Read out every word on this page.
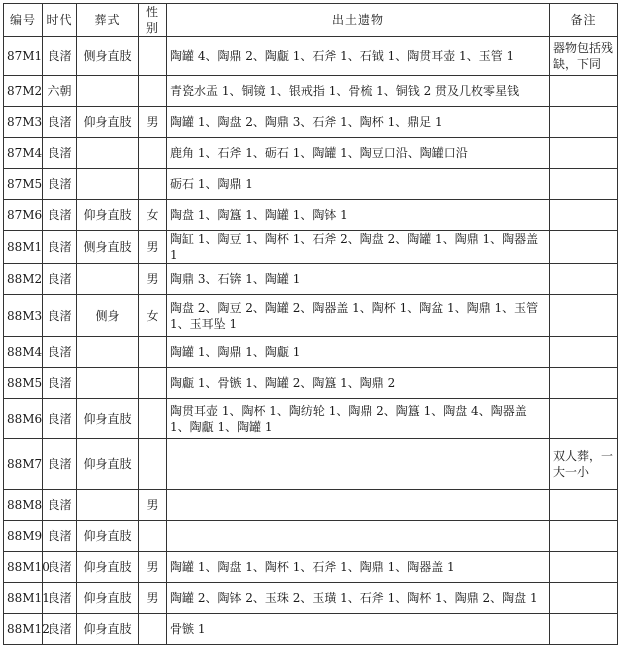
编号	时代	葬式	性别	出土遗物	备注
87M1	良渚	侧身直肢		陶罐 4、陶鼎 2、陶甗 1、石斧 1、石钺 1、陶贯耳壶 1、玉管 1	器物包括残缺，下同
87M2	六朝			青瓷水盂 1、铜镜 1、银戒指 1、骨梳 1、铜钱 2 贯及几枚零星钱	
87M3	良渚	仰身直肢	男	陶罐 1、陶盘 2、陶鼎 3、石斧 1、陶杯 1、鼎足 1	
87M4	良渚			鹿角 1、石斧 1、砺石 1、陶罐 1、陶豆口沿、陶罐口沿	
87M5	良渚			砺石 1、陶鼎 1	
87M6	良渚	仰身直肢	女	陶盘 1、陶簋 1、陶罐 1、陶钵 1	
88M1	良渚	侧身直肢	男	陶缸 1、陶豆 1、陶杯 1、石斧 2、陶盘 2、陶罐 1、陶鼎 1、陶器盖 1	
88M2	良渚		男	陶鼎 3、石锛 1、陶罐 1	
88M3	良渚	侧身	女	陶盘 2、陶豆 2、陶罐 2、陶器盖 1、陶杯 1、陶盆 1、陶鼎 1、玉管 1、玉耳坠 1	
88M4	良渚			陶罐 1、陶鼎 1、陶甗 1	
88M5	良渚			陶甗 1、骨镞 1、陶罐 2、陶簋 1、陶鼎 2	
88M6	良渚	仰身直肢		陶贯耳壶 1、陶杯 1、陶纺轮 1、陶鼎 2、陶簋 1、陶盘 4、陶器盖 1、陶甗 1、陶罐 1	
88M7	良渚	仰身直肢			双人葬，一大一小
88M8	良渚		男		
88M9	良渚	仰身直肢			
88M10	良渚	仰身直肢	男	陶罐 1、陶盘 1、陶杯 1、石斧 1、陶鼎 1、陶器盖 1	
88M11	良渚	仰身直肢	男	陶罐 2、陶钵 2、玉珠 2、玉璜 1、石斧 1、陶杯 1、陶鼎 2、陶盘 1	
88M12	良渚	仰身直肢		骨镞 1	
